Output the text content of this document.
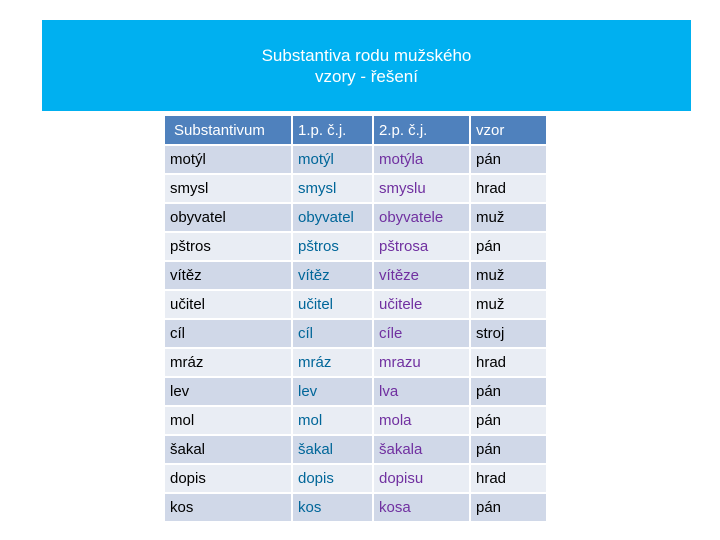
Substantiva rodu mužského
vzory - řešení
Substantivum	1.p. č.j.	2.p. č.j.	vzor
motýl	motýl	motýla	pán
smysl	smysl	smyslu	hrad
obyvatel	obyvatel	obyvatele	muž
pštros	pštros	pštrosa	pán
vítěz	vítěz	vítěze	muž
učitel	učitel	učitele	muž
cíl	cíl	cíle	stroj
mráz	mráz	mrazu	hrad
lev	lev	lva	pán
mol	mol	mola	pán
šakal	šakal	šakala	pán
dopis	dopis	dopisu	hrad
kos	kos	kosa	pán
